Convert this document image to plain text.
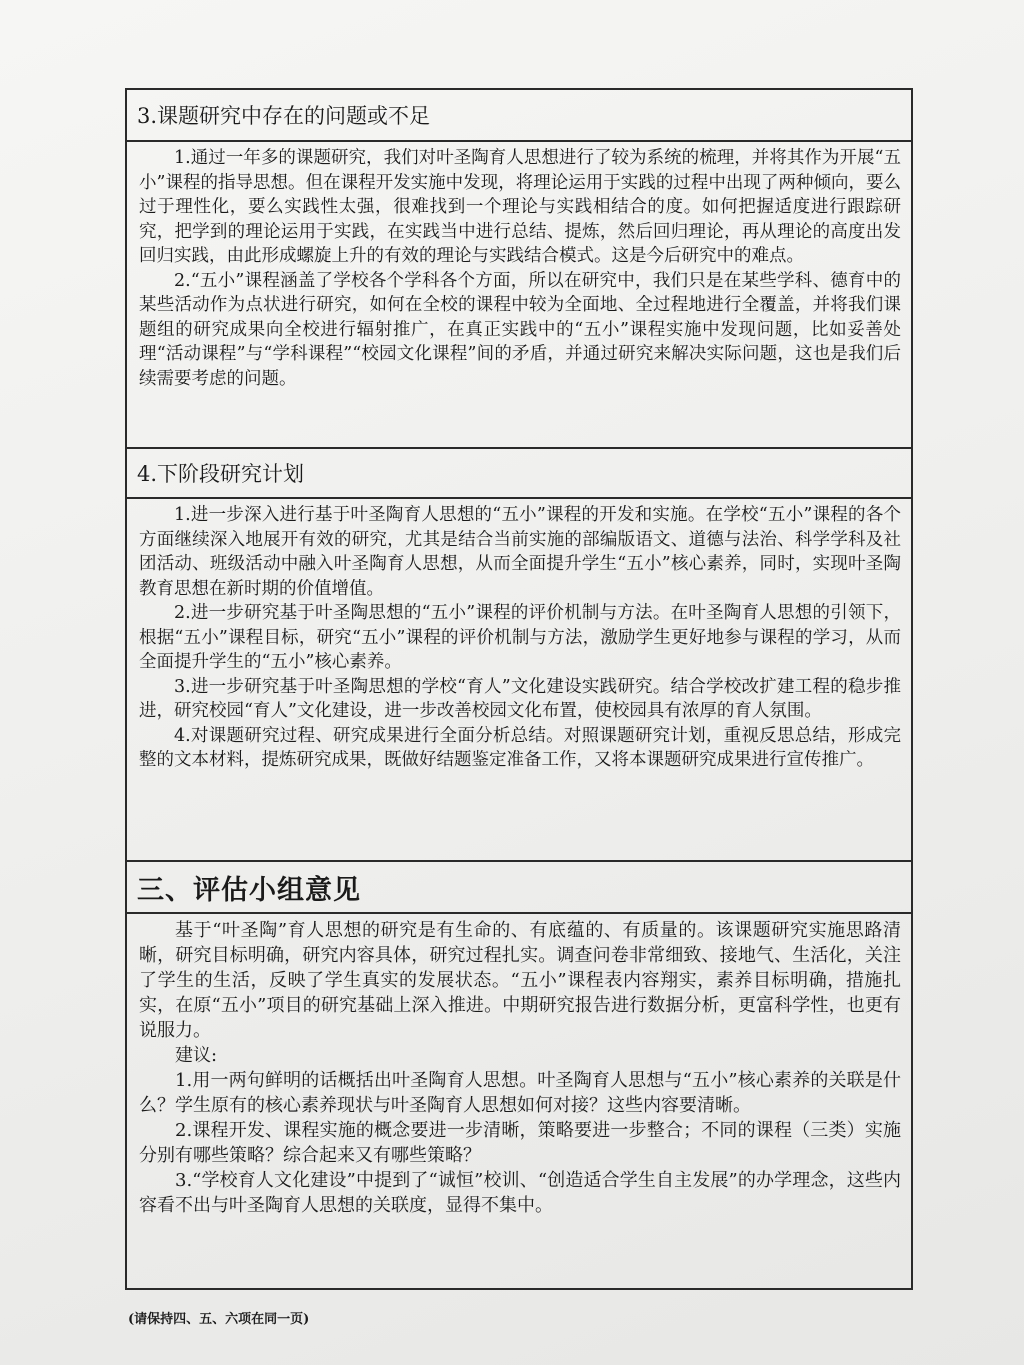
3.课题研究中存在的问题或不足

1.通过一年多的课题研究，我们对叶圣陶育人思想进行了较为系统的梳理，并将其作为开展“五小”课程的指导思想。但在课程开发实施中发现，将理论运用于实践的过程中出现了两种倾向，要么过于理性化，要么实践性太强，很难找到一个理论与实践相结合的度。如何把握适度进行跟踪研究，把学到的理论运用于实践，在实践当中进行总结、提炼，然后回归理论，再从理论的高度出发回归实践，由此形成螺旋上升的有效的理论与实践结合模式。这是今后研究中的难点。

2.“五小”课程涵盖了学校各个学科各个方面，所以在研究中，我们只是在某些学科、德育中的某些活动作为点状进行研究，如何在全校的课程中较为全面地、全过程地进行全覆盖，并将我们课题组的研究成果向全校进行辐射推广，在真正实践中的“五小”课程实施中发现问题，比如妥善处理“活动课程”与“学科课程”“校园文化课程”间的矛盾，并通过研究来解决实际问题，这也是我们后续需要考虑的问题。

4.下阶段研究计划

1.进一步深入进行基于叶圣陶育人思想的“五小”课程的开发和实施。在学校“五小”课程的各个方面继续深入地展开有效的研究，尤其是结合当前实施的部编版语文、道德与法治、科学学科及社团活动、班级活动中融入叶圣陶育人思想，从而全面提升学生“五小”核心素养，同时，实现叶圣陶教育思想在新时期的价值增值。

2.进一步研究基于叶圣陶思想的“五小”课程的评价机制与方法。在叶圣陶育人思想的引领下，根据“五小”课程目标，研究“五小”课程的评价机制与方法，激励学生更好地参与课程的学习，从而全面提升学生的“五小”核心素养。

3.进一步研究基于叶圣陶思想的学校“育人”文化建设实践研究。结合学校改扩建工程的稳步推进，研究校园“育人”文化建设，进一步改善校园文化布置，使校园具有浓厚的育人氛围。

4.对课题研究过程、研究成果进行全面分析总结。对照课题研究计划，重视反思总结，形成完整的文本材料，提炼研究成果，既做好结题鉴定准备工作，又将本课题研究成果进行宣传推广。

三、评估小组意见

基于“叶圣陶”育人思想的研究是有生命的、有底蕴的、有质量的。该课题研究实施思路清晰，研究目标明确，研究内容具体，研究过程扎实。调查问卷非常细致、接地气、生活化，关注了学生的生活，反映了学生真实的发展状态。“五小”课程表内容翔实，素养目标明确，措施扎实，在原“五小”项目的研究基础上深入推进。中期研究报告进行数据分析，更富科学性，也更有说服力。

建议:

1.用一两句鲜明的话概括出叶圣陶育人思想。叶圣陶育人思想与“五小”核心素养的关联是什么？学生原有的核心素养现状与叶圣陶育人思想如何对接？这些内容要清晰。

2.课程开发、课程实施的概念要进一步清晰，策略要进一步整合；不同的课程（三类）实施分别有哪些策略？综合起来又有哪些策略？

3.“学校育人文化建设”中提到了“诚恒”校训、“创造适合学生自主发展”的办学理念，这些内容看不出与叶圣陶育人思想的关联度，显得不集中。

(请保持四、五、六项在同一页)
